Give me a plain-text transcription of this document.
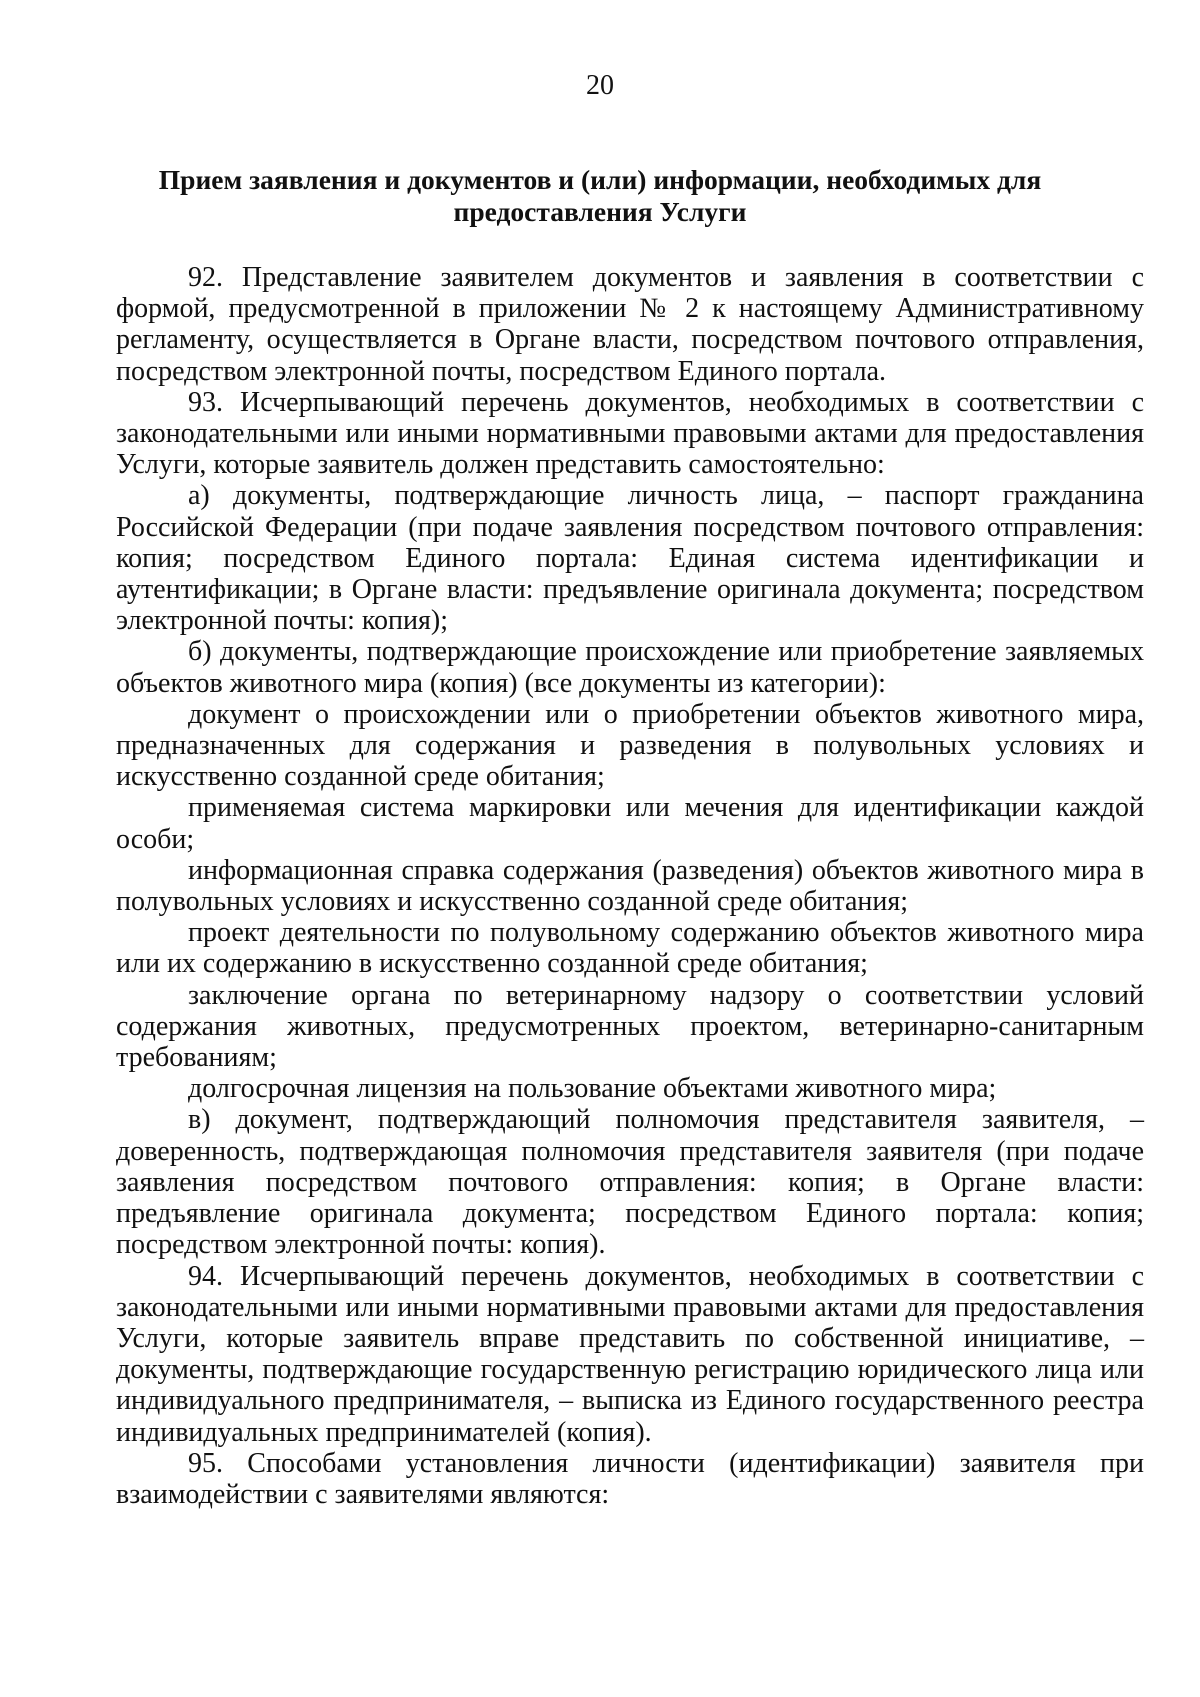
20
Прием заявления и документов и (или) информации, необходимых для
предоставления Услуги
92. Представление заявителем документов и заявления в соответствии с
формой, предусмотренной в приложении № 2 к настоящему Административному
регламенту, осуществляется в Органе власти, посредством почтового отправления,
посредством электронной почты, посредством Единого портала.
93. Исчерпывающий перечень документов, необходимых в соответствии с
законодательными или иными нормативными правовыми актами для предоставления
Услуги, которые заявитель должен представить самостоятельно:
а) документы, подтверждающие личность лица, – паспорт гражданина
Российской Федерации (при подаче заявления посредством почтового отправления:
копия; посредством Единого портала: Единая система идентификации и
аутентификации; в Органе власти: предъявление оригинала документа; посредством
электронной почты: копия);
б) документы, подтверждающие происхождение или приобретение заявляемых
объектов животного мира (копия) (все документы из категории):
документ о происхождении или о приобретении объектов животного мира,
предназначенных для содержания и разведения в полувольных условиях и
искусственно созданной среде обитания;
применяемая система маркировки или мечения для идентификации каждой
особи;
информационная справка содержания (разведения) объектов животного мира в
полувольных условиях и искусственно созданной среде обитания;
проект деятельности по полувольному содержанию объектов животного мира
или их содержанию в искусственно созданной среде обитания;
заключение органа по ветеринарному надзору о соответствии условий
содержания животных, предусмотренных проектом, ветеринарно-санитарным
требованиям;
долгосрочная лицензия на пользование объектами животного мира;
в) документ, подтверждающий полномочия представителя заявителя, –
доверенность, подтверждающая полномочия представителя заявителя (при подаче
заявления посредством почтового отправления: копия; в Органе власти:
предъявление оригинала документа; посредством Единого портала: копия;
посредством электронной почты: копия).
94. Исчерпывающий перечень документов, необходимых в соответствии с
законодательными или иными нормативными правовыми актами для предоставления
Услуги, которые заявитель вправе представить по собственной инициативе, –
документы, подтверждающие государственную регистрацию юридического лица или
индивидуального предпринимателя, – выписка из Единого государственного реестра
индивидуальных предпринимателей (копия).
95. Способами установления личности (идентификации) заявителя при
взаимодействии с заявителями являются:
